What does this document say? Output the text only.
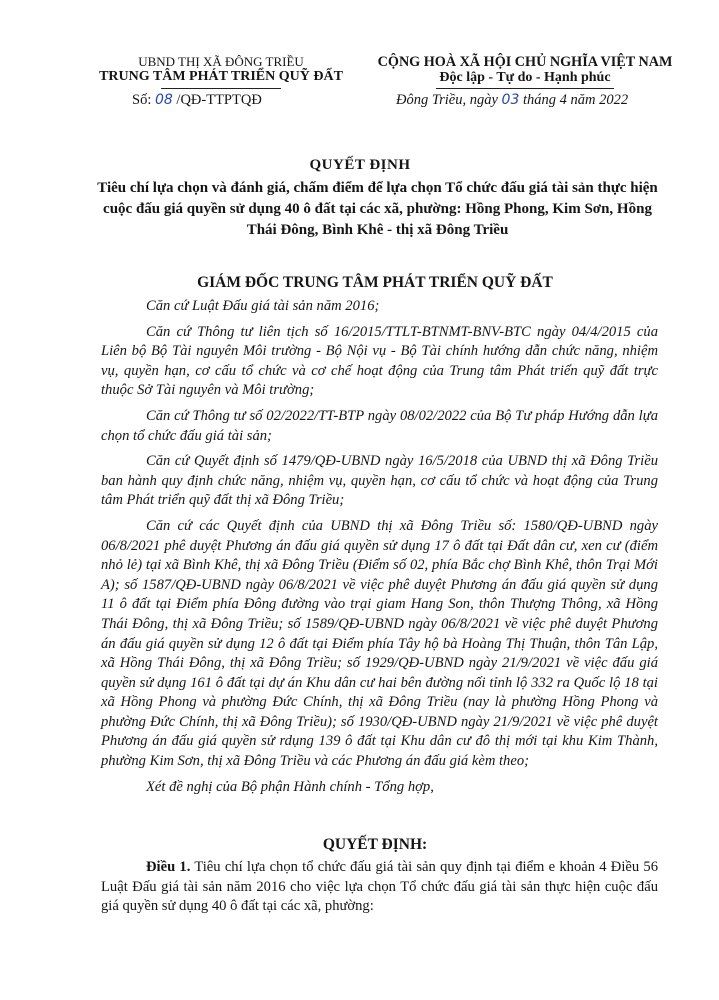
UBND THỊ XÃ ĐÔNG TRIỀU
TRUNG TÂM PHÁT TRIỂN QUỸ ĐẤT
CỘNG HOÀ XÃ HỘI CHỦ NGHĨA VIỆT NAM
Độc lập - Tự do - Hạnh phúc
Số: 08 /QĐ-TTPTQĐ	Đông Triều, ngày 03 tháng 4 năm 2022
QUYẾT ĐỊNH
Tiêu chí lựa chọn và đánh giá, chấm điểm để lựa chọn Tổ chức đấu giá tài sản thực hiện cuộc đấu giá quyền sử dụng 40 ô đất tại các xã, phường: Hồng Phong, Kim Sơn, Hồng Thái Đông, Bình Khê - thị xã Đông Triều
GIÁM ĐỐC TRUNG TÂM PHÁT TRIỂN QUỸ ĐẤT

Căn cứ Luật Đấu giá tài sản năm 2016;

Căn cứ Thông tư liên tịch số 16/2015/TTLT-BTNMT-BNV-BTC ngày 04/4/2015 của Liên bộ Bộ Tài nguyên Môi trường - Bộ Nội vụ - Bộ Tài chính hướng dẫn chức năng, nhiệm vụ, quyền hạn, cơ cấu tổ chức và cơ chế hoạt động của Trung tâm Phát triển quỹ đất trực thuộc Sở Tài nguyên và Môi trường;

Căn cứ Thông tư số 02/2022/TT-BTP ngày 08/02/2022 của Bộ Tư pháp Hướng dẫn lựa chọn tổ chức đấu giá tài sản;

Căn cứ Quyết định số 1479/QĐ-UBND ngày 16/5/2018 của UBND thị xã Đông Triều ban hành quy định chức năng, nhiệm vụ, quyền hạn, cơ cấu tổ chức và hoạt động của Trung tâm Phát triển quỹ đất thị xã Đông Triều;

Căn cứ các Quyết định của UBND thị xã Đông Triều số: 1580/QĐ-UBND ngày 06/8/2021 phê duyệt Phương án đấu giá quyền sử dụng 17 ô đất tại Đất dân cư, xen cư (điểm nhỏ lẻ) tại xã Bình Khê, thị xã Đông Triều (Điểm số 02, phía Bắc chợ Bình Khê, thôn Trại Mới A); số 1587/QĐ-UBND ngày 06/8/2021 về việc phê duyệt Phương án đấu giá quyền sử dụng 11 ô đất tại Điểm phía Đông đường vào trại giam Hang Son, thôn Thượng Thông, xã Hồng Thái Đông, thị xã Đông Triều; số 1589/QĐ-UBND ngày 06/8/2021 về việc phê duyệt Phương án đấu giá quyền sử dụng 12 ô đất tại Điểm phía Tây hộ bà Hoàng Thị Thuận, thôn Tân Lập, xã Hồng Thái Đông, thị xã Đông Triều; số 1929/QĐ-UBND ngày 21/9/2021 về việc đấu giá quyền sử dụng 161 ô đất tại dự án Khu dân cư hai bên đường nối tỉnh lộ 332 ra Quốc lộ 18 tại xã Hồng Phong và phường Đức Chính, thị xã Đông Triều (nay là phường Hồng Phong và phường Đức Chính, thị xã Đông Triều); số 1930/QĐ-UBND ngày 21/9/2021 về việc phê duyệt Phương án đấu giá quyền sử rdụng 139 ô đất tại Khu dân cư đô thị mới tại khu Kim Thành, phường Kim Sơn, thị xã Đông Triều và các Phương án đấu giá kèm theo;

Xét đề nghị của Bộ phận Hành chính - Tổng hợp,

QUYẾT ĐỊNH:
Điều 1. Tiêu chí lựa chọn tổ chức đấu giá tài sản quy định tại điểm e khoản 4 Điều 56 Luật Đấu giá tài sản năm 2016 cho việc lựa chọn Tổ chức đấu giá tài sản thực hiện cuộc đấu giá quyền sử dụng 40 ô đất tại các xã, phường:
